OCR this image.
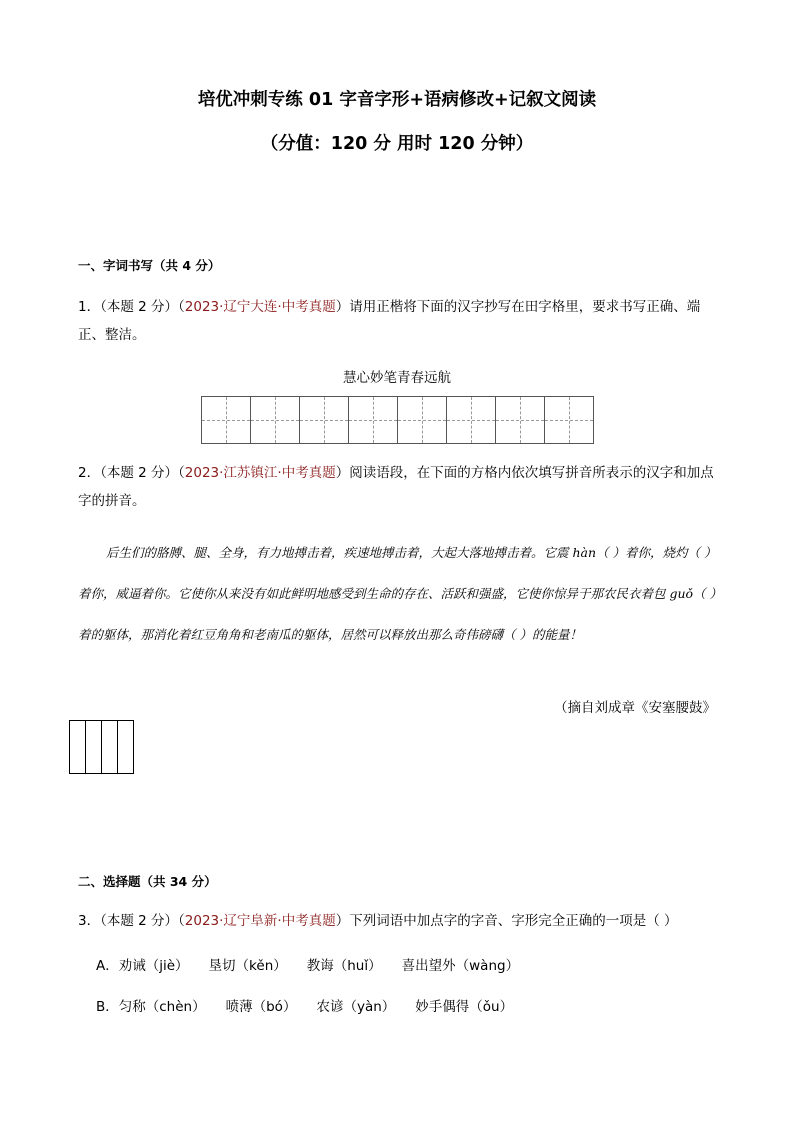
培优冲刺专练 01 字音字形+语病修改+记叙文阅读
（分值：120 分 用时 120 分钟）
一、字词书写（共 4 分）
1．（本题 2 分）（2023·辽宁大连·中考真题）请用正楷将下面的汉字抄写在田字格里，要求书写正确、端正、整洁。
慧心妙笔青春远航
2．（本题 2 分）（2023·江苏镇江·中考真题）阅读语段，在下面的方格内依次填写拼音所表示的汉字和加点字的拼音。
后生们的胳膊、腿、全身，有力地搏击着，疾速地搏击着，大起大落地搏击着。它震 hàn（ ）着你，烧灼（ ）着你，威逼着你。它使你从来没有如此鲜明地感受到生命的存在、活跃和强盛，它使你惊异于那农民衣着包 guǒ（ ）着的躯体，那消化着红豆角角和老南瓜的躯体，居然可以释放出那么奇伟磅礴（ ）的能量！
（摘自刘成章《安塞腰鼓》
二、选择题（共 34 分）
3．（本题 2 分）（2023·辽宁阜新·中考真题）下列词语中加点字的字音、字形完全正确的一项是（ ）
A．劝诫（jiè） 垦切（kěn） 教诲（huǐ） 喜出望外（wàng）
B．匀称（chèn） 喷薄（bó） 农谚（yàn） 妙手偶得（ǒu）
